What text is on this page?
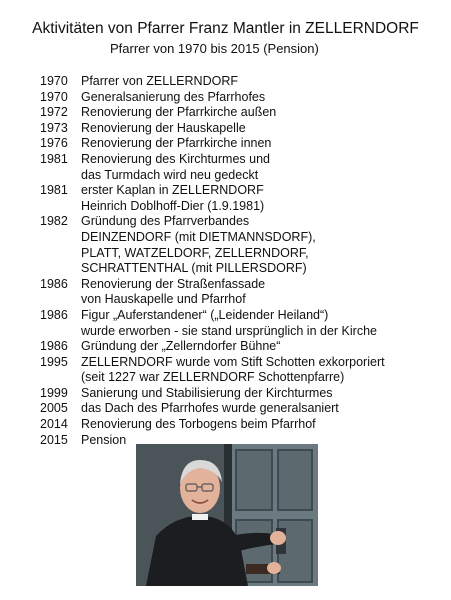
Aktivitäten von Pfarrer Franz Mantler in ZELLERNDORF
Pfarrer von 1970 bis 2015 (Pension)
1970	Pfarrer von ZELLERNDORF
1970	Generalsanierung des Pfarrhofes
1972	Renovierung der Pfarrkirche außen
1973	Renovierung der Hauskapelle
1976	Renovierung der Pfarrkirche innen
1981	Renovierung des Kirchturmes und
das Turmdach wird neu gedeckt
1981	erster Kaplan in ZELLERNDORF
Heinrich Doblhoff-Dier (1.9.1981)
1982	Gründung des Pfarrverbandes
DEINZENDORF (mit DIETMANNSDORF),
PLATT, WATZELDORF, ZELLERNDORF,
SCHRATTENTHAL (mit PILLERSDORF)
1986	Renovierung der Straßenfassade
von Hauskapelle und Pfarrhof
1986	Figur „Auferstandener“ („Leidender Heiland“)
wurde erworben - sie stand ursprünglich in der Kirche
1986	Gründung der „Zellerndorfer Bühne“
1995	ZELLERNDORF wurde vom Stift Schotten exkorporiert
(seit 1227 war ZELLERNDORF Schottenpfarre)
1999	Sanierung und Stabilisierung der Kirchturmes
2005	das Dach des Pfarrhofes wurde generalsaniert
2014	Renovierung des Torbogens beim Pfarrhof
2015	Pension
